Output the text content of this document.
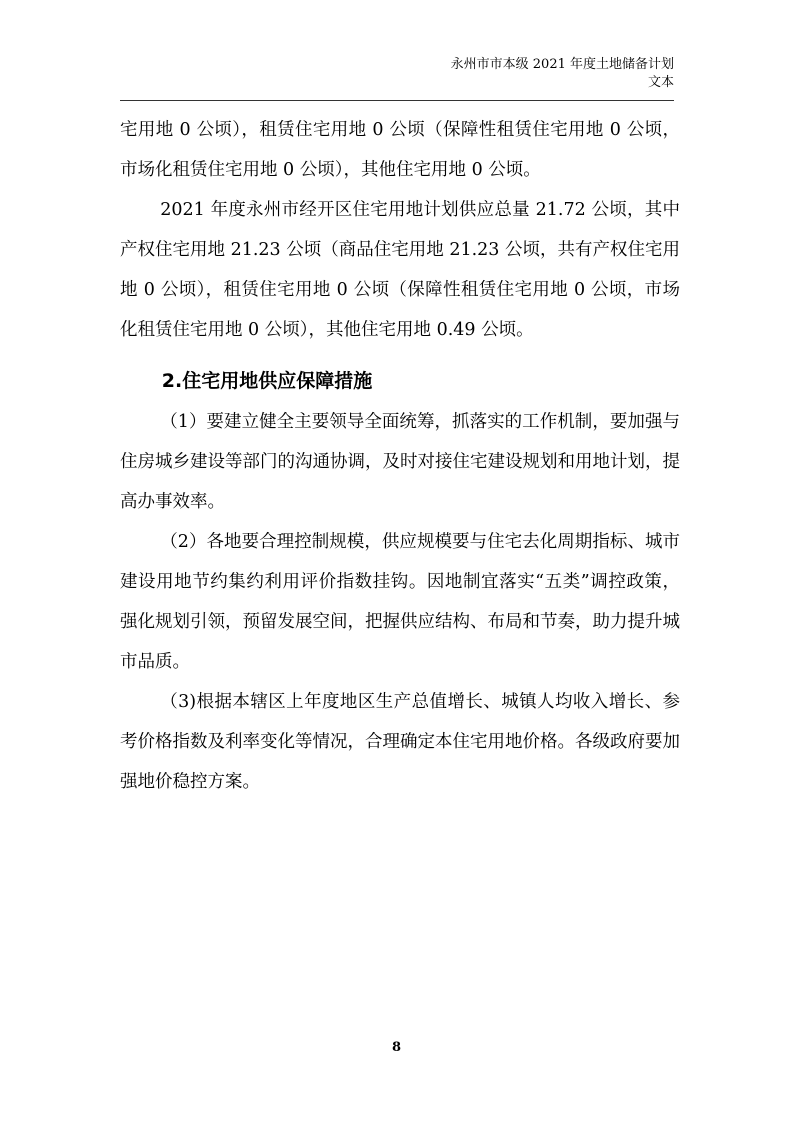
永州市市本级 2021 年度土地储备计划文本

宅用地 0 公顷），租赁住宅用地 0 公顷（保障性租赁住宅用地 0 公顷，市场化租赁住宅用地 0 公顷），其他住宅用地 0 公顷。

2021 年度永州市经开区住宅用地计划供应总量 21.72 公顷，其中产权住宅用地 21.23 公顷（商品住宅用地 21.23 公顷，共有产权住宅用地 0 公顷），租赁住宅用地 0 公顷（保障性租赁住宅用地 0 公顷，市场化租赁住宅用地 0 公顷），其他住宅用地 0.49 公顷。

2.住宅用地供应保障措施

（1）要建立健全主要领导全面统筹，抓落实的工作机制，要加强与住房城乡建设等部门的沟通协调，及时对接住宅建设规划和用地计划，提高办事效率。

（2）各地要合理控制规模，供应规模要与住宅去化周期指标、城市建设用地节约集约利用评价指数挂钩。因地制宜落实“五类”调控政策，强化规划引领，预留发展空间，把握供应结构、布局和节奏，助力提升城市品质。

（3)根据本辖区上年度地区生产总值增长、城镇人均收入增长、参考价格指数及利率变化等情况，合理确定本住宅用地价格。各级政府要加强地价稳控方案。

8
